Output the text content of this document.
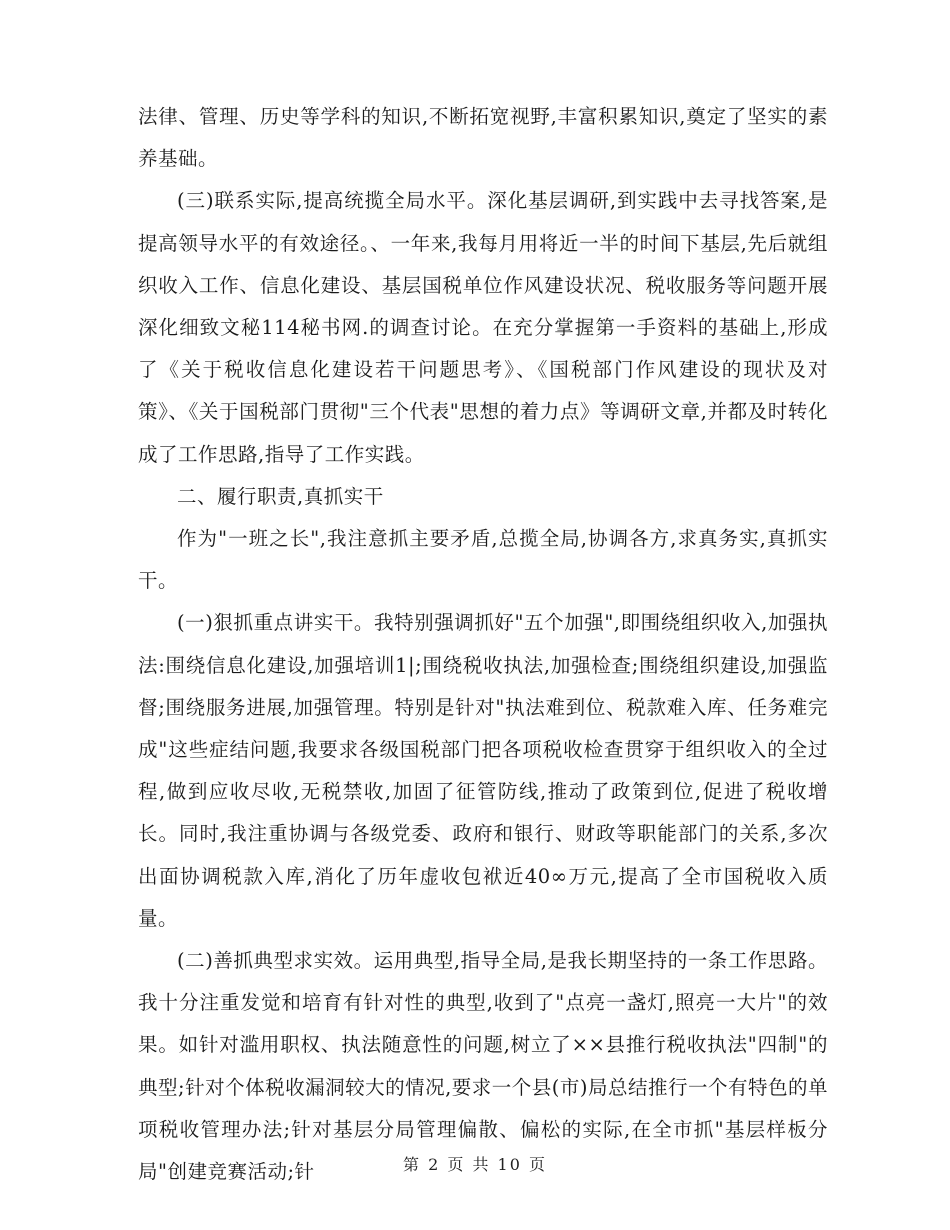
法律、管理、历史等学科的知识,不断拓宽视野,丰富积累知识,奠定了坚实的素养基础。

(三)联系实际,提高统揽全局水平。深化基层调研,到实践中去寻找答案,是提高领导水平的有效途径。、一年来,我每月用将近一半的时间下基层,先后就组织收入工作、信息化建设、基层国税单位作风建设状况、税收服务等问题开展深化细致文秘114秘书网.的调查讨论。在充分掌握第一手资料的基础上,形成了《关于税收信息化建设若干问题思考》、《国税部门作风建设的现状及对策》、《关于国税部门贯彻"三个代表"思想的着力点》等调研文章,并都及时转化成了工作思路,指导了工作实践。

二、履行职责,真抓实干

作为"一班之长",我注意抓主要矛盾,总揽全局,协调各方,求真务实,真抓实干。

(一)狠抓重点讲实干。我特别强调抓好"五个加强",即围绕组织收入,加强执法:围绕信息化建设,加强培训1|;围绕税收执法,加强检查;围绕组织建设,加强监督;围绕服务进展,加强管理。特别是针对"执法难到位、税款难入库、任务难完成"这些症结问题,我要求各级国税部门把各项税收检查贯穿于组织收入的全过程,做到应收尽收,无税禁收,加固了征管防线,推动了政策到位,促进了税收增长。同时,我注重协调与各级党委、政府和银行、财政等职能部门的关系,多次出面协调税款入库,消化了历年虚收包袱近40∞万元,提高了全市国税收入质量。

(二)善抓典型求实效。运用典型,指导全局,是我长期坚持的一条工作思路。我十分注重发觉和培育有针对性的典型,收到了"点亮一盏灯,照亮一大片"的效果。如针对滥用职权、执法随意性的问题,树立了××县推行税收执法"四制"的典型;针对个体税收漏洞较大的情况,要求一个县(市)局总结推行一个有特色的单项税收管理办法;针对基层分局管理偏散、偏松的实际,在全市抓"基层样板分局"创建竞赛活动;针	第 2 页 共 10 页
